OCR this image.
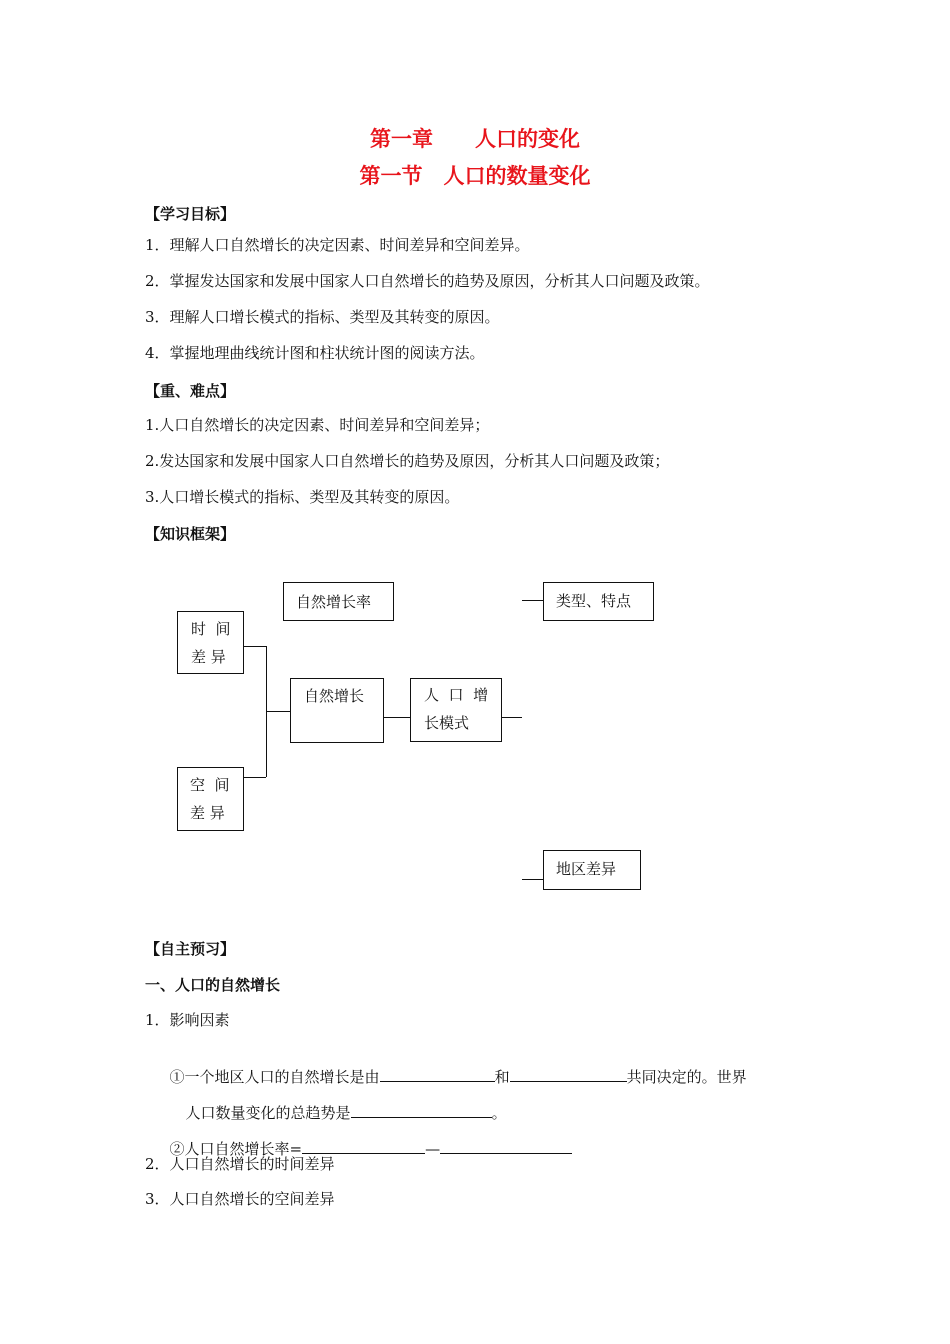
第一章　　人口的变化
第一节　人口的数量变化
【学习目标】
1．理解人口自然增长的决定因素、时间差异和空间差异。
2．掌握发达国家和发展中国家人口自然增长的趋势及原因，分析其人口问题及政策。
3．理解人口增长模式的指标、类型及其转变的原因。
4．掌握地理曲线统计图和柱状统计图的阅读方法。
【重、难点】
1.人口自然增长的决定因素、时间差异和空间差异；
2.发达国家和发展中国家人口自然增长的趋势及原因，分析其人口问题及政策；
3.人口增长模式的指标、类型及其转变的原因。
【知识框架】
自然增长率	类型、特点
时  间
差 异
自然增长	人  口  增
长模式
空  间
差 异
地区差异
【自主预习】
一、人口的自然增长
1．影响因素

①一个地区人口的自然增长是由	和	共同决定的。世界

人口数量变化的总趋势是	。

②人口自然增长率=	—

2．人口自然增长的时间差异
3．人口自然增长的空间差异
